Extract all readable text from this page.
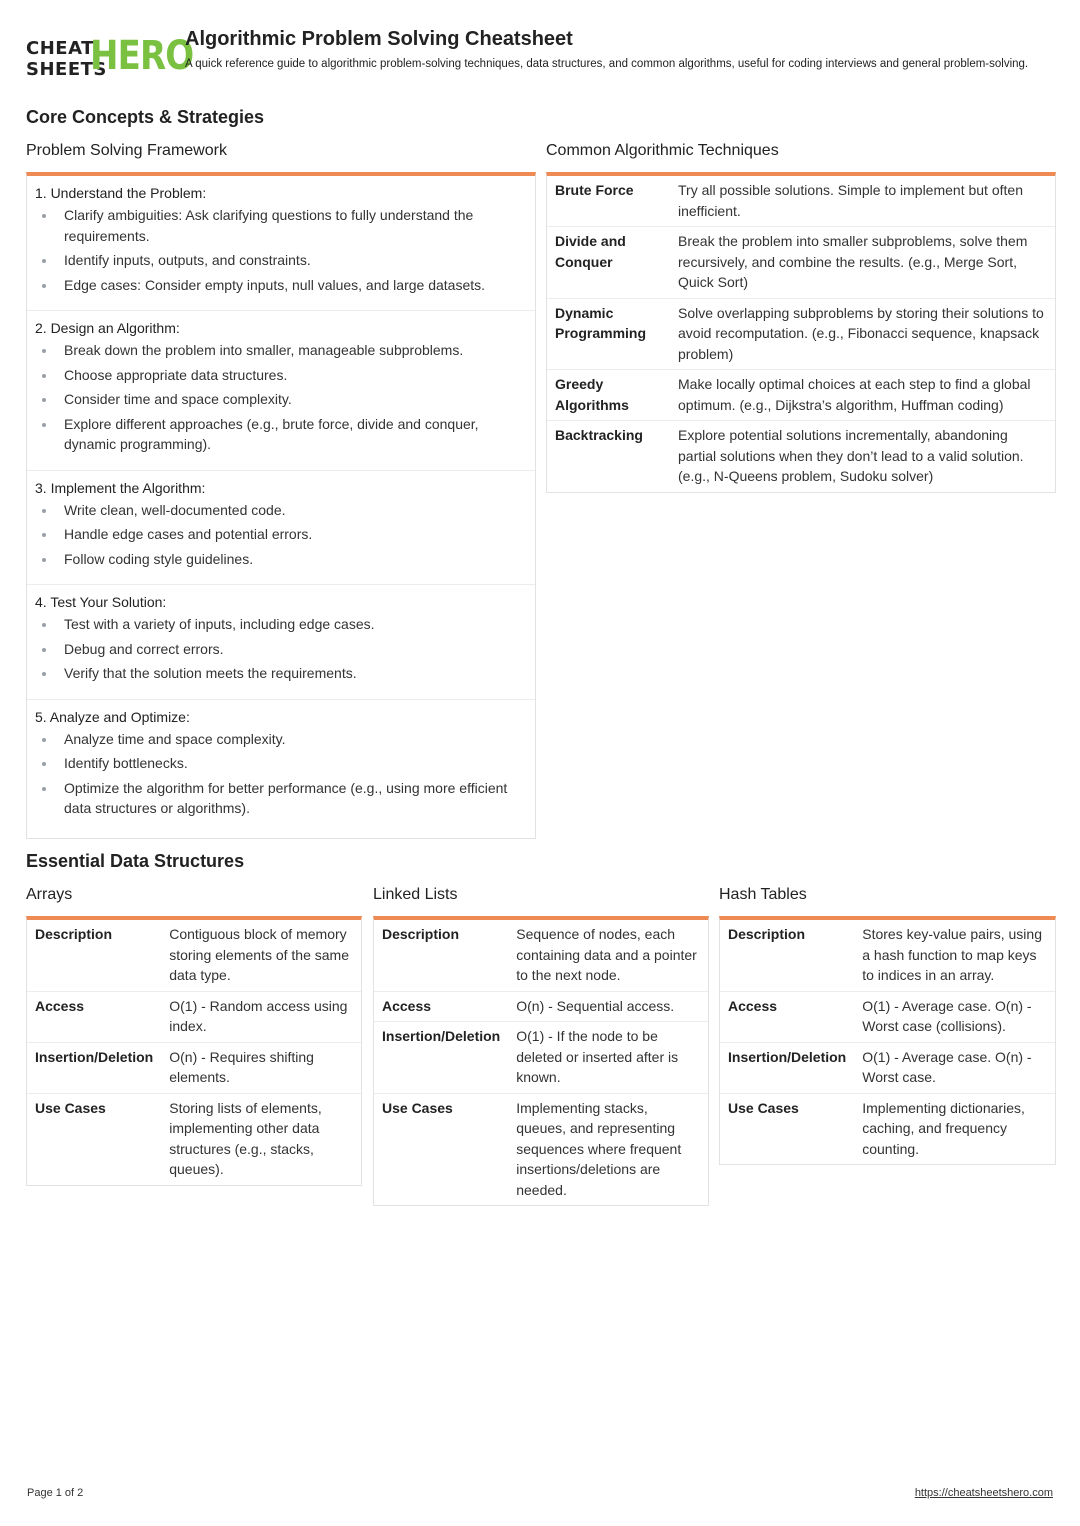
CHEAT
SHEETS
HERO
Algorithmic Problem Solving Cheatsheet
A quick reference guide to algorithmic problem-solving techniques, data structures, and common algorithms, useful for coding interviews and general problem-solving.
Core Concepts & Strategies
Problem Solving Framework
1. Understand the Problem:
Clarify ambiguities: Ask clarifying questions to fully understand the requirements.
Identify inputs, outputs, and constraints.
Edge cases: Consider empty inputs, null values, and large datasets.
2. Design an Algorithm:
Break down the problem into smaller, manageable subproblems.
Choose appropriate data structures.
Consider time and space complexity.
Explore different approaches (e.g., brute force, divide and conquer, dynamic programming).
3. Implement the Algorithm:
Write clean, well-documented code.
Handle edge cases and potential errors.
Follow coding style guidelines.
4. Test Your Solution:
Test with a variety of inputs, including edge cases.
Debug and correct errors.
Verify that the solution meets the requirements.
5. Analyze and Optimize:
Analyze time and space complexity.
Identify bottlenecks.
Optimize the algorithm for better performance (e.g., using more efficient data structures or algorithms).
Common Algorithmic Techniques
Brute Force	Try all possible solutions. Simple to implement but often inefficient.
Divide and Conquer	Break the problem into smaller subproblems, solve them recursively, and combine the results. (e.g., Merge Sort, Quick Sort)
Dynamic Programming	Solve overlapping subproblems by storing their solutions to avoid recomputation. (e.g., Fibonacci sequence, knapsack problem)
Greedy Algorithms	Make locally optimal choices at each step to find a global optimum. (e.g., Dijkstra’s algorithm, Huffman coding)
Backtracking	Explore potential solutions incrementally, abandoning partial solutions when they don’t lead to a valid solution. (e.g., N-Queens problem, Sudoku solver)
Essential Data Structures
Arrays
Description	Contiguous block of memory storing elements of the same data type.
Access	O(1) - Random access using index.
Insertion/Deletion	O(n) - Requires shifting elements.
Use Cases	Storing lists of elements, implementing other data structures (e.g., stacks, queues).
Linked Lists
Description	Sequence of nodes, each containing data and a pointer to the next node.
Access	O(n) - Sequential access.
Insertion/Deletion	O(1) - If the node to be deleted or inserted after is known.
Use Cases	Implementing stacks, queues, and representing sequences where frequent insertions/deletions are needed.
Hash Tables
Description	Stores key-value pairs, using a hash function to map keys to indices in an array.
Access	O(1) - Average case. O(n) - Worst case (collisions).
Insertion/Deletion	O(1) - Average case. O(n) - Worst case.
Use Cases	Implementing dictionaries, caching, and frequency counting.
Page 1 of 2	https://cheatsheetshero.com
